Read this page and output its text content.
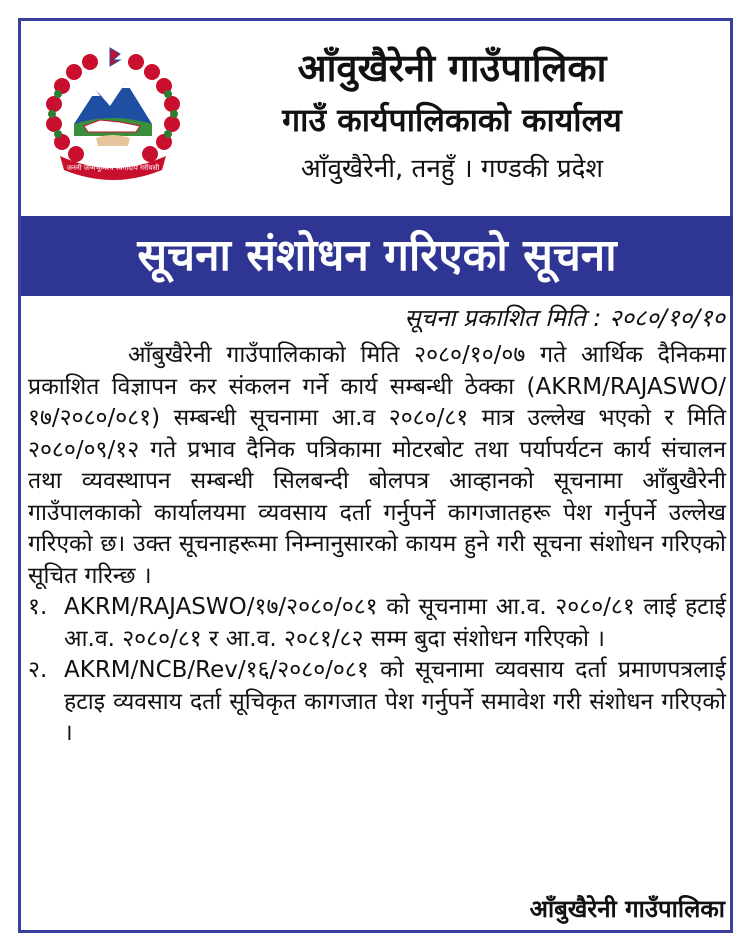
जननी जन्मभूमिश्च स्वर्गादपि गरीयसी
आँवुखैरेनी गाउँपालिका
गाउँ कार्यपालिकाको कार्यालय
आँवुखैरेनी, तनहुँ । गण्डकी प्रदेश
सूचना संशोधन गरिएको सूचना
सूचना प्रकाशित मिति : २०८०/१०/१०

आँबुखैरेनी गाउँपालिकाको मिति २०८०/१०/०७ गते आर्थिक दैनिकमा प्रकाशित विज्ञापन कर संकलन गर्ने कार्य सम्बन्धी ठेक्का (AKRM/RAJASWO/१७/२०८०/०८१) सम्बन्धी सूचनामा आ.व २०८०/८१ मात्र उल्लेख भएको र मिति २०८०/०९/१२ गते प्रभाव दैनिक पत्रिकामा मोटरबोट तथा पर्यापर्यटन कार्य संचालन तथा व्यवस्थापन सम्बन्धी सिलबन्दी बोलपत्र आव्हानको सूचनामा आँबुखैरेनी गाउँपालकाको कार्यालयमा व्यवसाय दर्ता गर्नुपर्ने कागजातहरू पेश गर्नुपर्ने उल्लेख गरिएको छ। उक्त सूचनाहरूमा निम्नानुसारको कायम हुने गरी सूचना संशोधन गरिएको सूचित गरिन्छ ।

१. AKRM/RAJASWO/१७/२०८०/०८१ को सूचनामा आ.व. २०८०/८१ लाई हटाई आ.व. २०८०/८१ र आ.व. २०८१/८२ सम्म बुदा संशोधन गरिएको ।
२. AKRM/NCB/Rev/१६/२०८०/०८१ को सूचनामा व्यवसाय दर्ता प्रमाणपत्रलाई हटाइ व्यवसाय दर्ता सूचिकृत कागजात पेश गर्नुपर्ने समावेश गरी संशोधन गरिएको ।
आँबुखैरेनी गाउँपालिका
